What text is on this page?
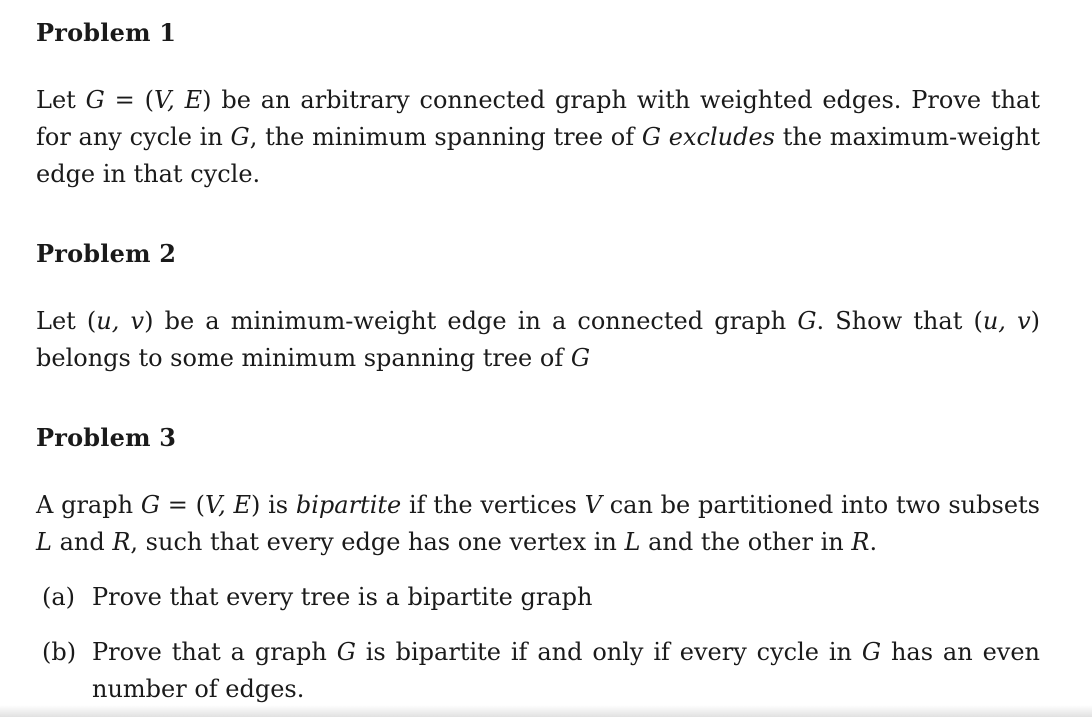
Problem 1
Let G = (V, E) be an arbitrary connected graph with weighted edges. Prove that for any cycle in G, the minimum spanning tree of G excludes the maximum-weight edge in that cycle.
Problem 2
Let (u, v) be a minimum-weight edge in a connected graph G. Show that (u, v) belongs to some minimum spanning tree of G
Problem 3
A graph G = (V, E) is bipartite if the vertices V can be partitioned into two subsets L and R, such that every edge has one vertex in L and the other in R.
(a) Prove that every tree is a bipartite graph
(b) Prove that a graph G is bipartite if and only if every cycle in G has an even number of edges.
